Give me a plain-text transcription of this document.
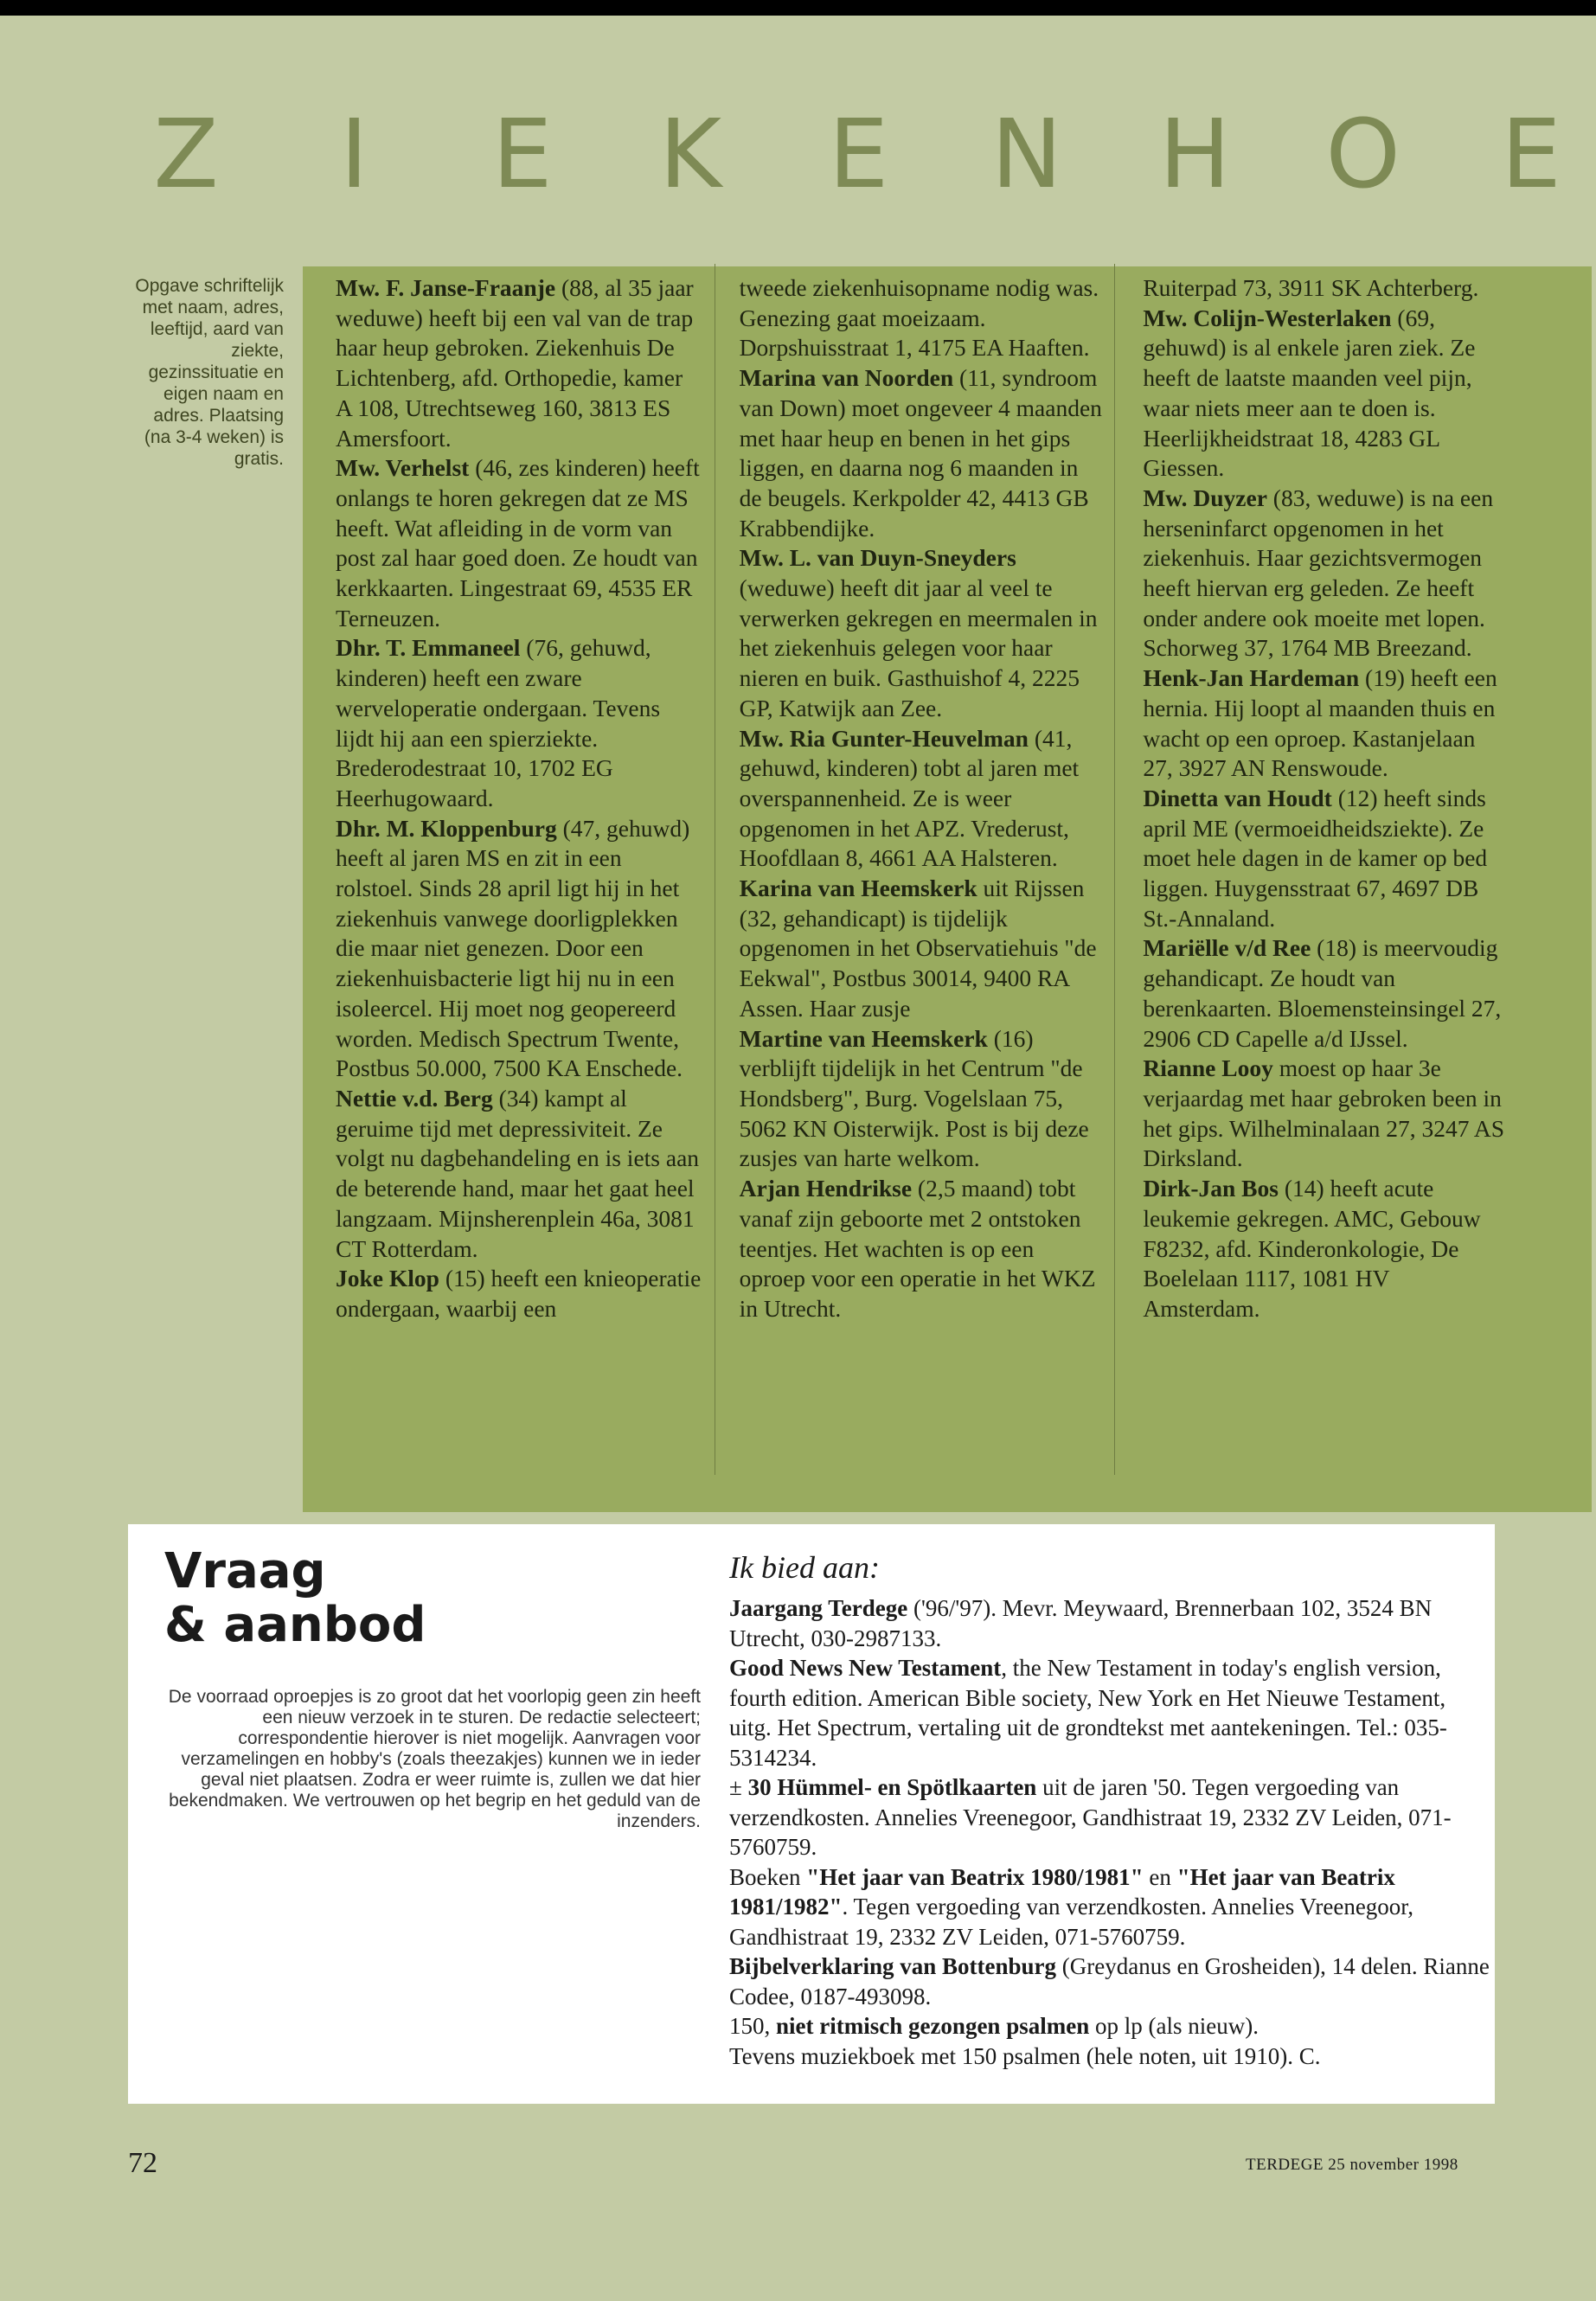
Z	I	E	K	E	N	H O	E
Opgave schriftelijk met naam, adres, leeftijd, aard van ziekte, gezinssituatie en eigen naam en adres. Plaatsing (na 3-4 weken) is gratis.

Mw. F. Janse-Fraanje (88, al 35 jaar weduwe) heeft bij een val van de trap haar heup gebroken. Ziekenhuis De Lichtenberg, afd. Orthopedie, kamer A 108, Utrechtseweg 160, 3813 ES Amersfoort.

Mw. Verhelst (46, zes kinderen) heeft onlangs te horen gekregen dat ze MS heeft. Wat afleiding in de vorm van post zal haar goed doen. Ze houdt van kerkkaarten. Lingestraat 69, 4535 ER Terneuzen.

Dhr. T. Emmaneel (76, gehuwd, kinderen) heeft een zware werveloperatie ondergaan. Tevens lijdt hij aan een spierziekte. Brederodestraat 10, 1702 EG Heerhugowaard.

Dhr. M. Kloppenburg (47, gehuwd) heeft al jaren MS en zit in een rolstoel. Sinds 28 april ligt hij in het ziekenhuis vanwege doorligplekken die maar niet genezen. Door een ziekenhuisbacterie ligt hij nu in een isoleercel. Hij moet nog geopereerd worden. Medisch Spectrum Twente, Postbus 50.000, 7500 KA Enschede.

Nettie v.d. Berg (34) kampt al geruime tijd met depressiviteit. Ze volgt nu dagbehandeling en is iets aan de beterende hand, maar het gaat heel langzaam. Mijnsherenplein 46a, 3081 CT Rotterdam.

Joke Klop (15) heeft een knieoperatie ondergaan, waarbij een

tweede ziekenhuisopname nodig was. Genezing gaat moeizaam. Dorpshuisstraat 1, 4175 EA Haaften.

Marina van Noorden (11, syndroom van Down) moet ongeveer 4 maanden met haar heup en benen in het gips liggen, en daarna nog 6 maanden in de beugels. Kerkpolder 42, 4413 GB Krabbendijke.

Mw. L. van Duyn-Sneyders (weduwe) heeft dit jaar al veel te verwerken gekregen en meermalen in het ziekenhuis gelegen voor haar nieren en buik. Gasthuishof 4, 2225 GP, Katwijk aan Zee.

Mw. Ria Gunter-Heuvelman (41, gehuwd, kinderen) tobt al jaren met overspannenheid. Ze is weer opgenomen in het APZ. Vrederust, Hoofdlaan 8, 4661 AA Halsteren.

Karina van Heemskerk uit Rijssen (32, gehandicapt) is tijdelijk opgenomen in het Observatiehuis "de Eekwal", Postbus 30014, 9400 RA Assen. Haar zusje

Martine van Heemskerk (16) verblijft tijdelijk in het Centrum "de Hondsberg", Burg. Vogelslaan 75, 5062 KN Oisterwijk. Post is bij deze zusjes van harte welkom.

Arjan Hendrikse (2,5 maand) tobt vanaf zijn geboorte met 2 ontstoken teentjes. Het wachten is op een oproep voor een operatie in het WKZ in Utrecht.

Ruiterpad 73, 3911 SK Achterberg.

Mw. Colijn-Westerlaken (69, gehuwd) is al enkele jaren ziek. Ze heeft de laatste maanden veel pijn, waar niets meer aan te doen is. Heerlijkheidstraat 18, 4283 GL Giessen.

Mw. Duyzer (83, weduwe) is na een herseninfarct opgenomen in het ziekenhuis. Haar gezichtsvermogen heeft hiervan erg geleden. Ze heeft onder andere ook moeite met lopen. Schorweg 37, 1764 MB Breezand.

Henk-Jan Hardeman (19) heeft een hernia. Hij loopt al maanden thuis en wacht op een oproep. Kastanjelaan 27, 3927 AN Renswoude.

Dinetta van Houdt (12) heeft sinds april ME (vermoeidheidsziekte). Ze moet hele dagen in de kamer op bed liggen. Huygensstraat 67, 4697 DB St.-Annaland.

Mariëlle v/d Ree (18) is meervoudig gehandicapt. Ze houdt van berenkaarten. Bloemensteinsingel 27, 2906 CD Capelle a/d IJssel.

Rianne Looy moest op haar 3e verjaardag met haar gebroken been in het gips. Wilhelminalaan 27, 3247 AS Dirksland.

Dirk-Jan Bos (14) heeft acute leukemie gekregen. AMC, Gebouw F8232, afd. Kinderonkologie, De Boelelaan 1117, 1081 HV Amsterdam.

Vraag
& aanbod

De voorraad oproepjes is zo groot dat het voorlopig geen zin heeft een nieuw verzoek in te sturen. De redactie selecteert; correspondentie hierover is niet mogelijk. Aanvragen voor verzamelingen en hobby's (zoals theezakjes) kunnen we in ieder geval niet plaatsen. Zodra er weer ruimte is, zullen we dat hier bekendmaken. We vertrouwen op het begrip en het geduld van de inzenders.

Ik bied aan:

Jaargang Terdege ('96/'97). Mevr. Meywaard, Brennerbaan 102, 3524 BN Utrecht, 030-2987133.

Good News New Testament, the New Testament in today's english version, fourth edition. American Bible society, New York en Het Nieuwe Testament, uitg. Het Spectrum, vertaling uit de grondtekst met aantekeningen. Tel.: 035-5314234.

± 30 Hümmel- en Spötlkaarten uit de jaren '50. Tegen vergoeding van verzendkosten. Annelies Vreenegoor, Gandhistraat 19, 2332 ZV Leiden, 071-5760759.

Boeken "Het jaar van Beatrix 1980/1981" en "Het jaar van Beatrix 1981/1982". Tegen vergoeding van verzendkosten. Annelies Vreenegoor, Gandhistraat 19, 2332 ZV Leiden, 071-5760759.

Bijbelverklaring van Bottenburg (Greydanus en Grosheiden), 14 delen. Rianne Codee, 0187-493098.

150, niet ritmisch gezongen psalmen op lp (als nieuw).

Tevens muziekboek met 150 psalmen (hele noten, uit 1910). C.

72	TERDEGE 25 november 1998
